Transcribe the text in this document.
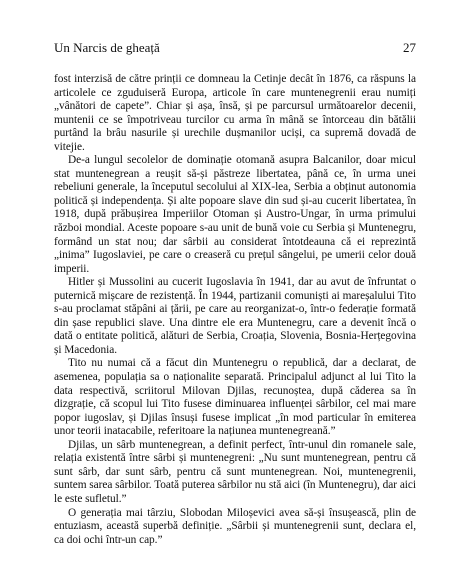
Un Narcis de gheață	27

fost interzisă de către prinții ce domneau la Cetinje decât în 1876, ca răspuns la articolele ce zguduiseră Europa, articole în care muntenegrenii erau numiți „vânători de capete”. Chiar și așa, însă, și pe parcursul următoarelor decenii, muntenii ce se împotriveau turcilor cu arma în mână se întorceau din bătălii purtând la brâu nasurile și urechile dușmanilor uciși, ca supremă dovadă de vitejie.

De-a lungul secolelor de dominație otomană asupra Balcanilor, doar micul stat muntenegrean a reușit să-și păstreze libertatea, până ce, în urma unei rebeliuni generale, la începutul secolului al XIX-lea, Serbia a obținut autonomia politică și independența. Și alte popoare slave din sud și-au cucerit libertatea, în 1918, după prăbușirea Imperiilor Otoman și Austro-Ungar, în urma primului război mondial. Aceste popoare s-au unit de bună voie cu Serbia și Muntenegru, formând un stat nou; dar sârbii au considerat întotdeauna că ei reprezintă „inima” Iugoslaviei, pe care o creaseră cu prețul sângelui, pe umerii celor două imperii.

Hitler și Mussolini au cucerit Iugoslavia în 1941, dar au avut de înfruntat o puternică mișcare de rezistență. În 1944, partizanii comuniști ai mareșalului Tito s-au proclamat stăpâni ai țării, pe care au reorganizat-o, într-o federație formată din șase republici slave. Una dintre ele era Muntenegru, care a devenit încă o dată o entitate politică, alături de Serbia, Croația, Slovenia, Bosnia-Herțegovina și Macedonia.

Tito nu numai că a făcut din Muntenegru o republică, dar a declarat, de asemenea, populația sa o naționalite separată. Principalul adjunct al lui Tito la data respectivă, scriitorul Milovan Djilas, recunoștea, după căderea sa în dizgrație, că scopul lui Tito fusese diminuarea influenței sârbilor, cel mai mare popor iugoslav, și Djilas însuși fusese implicat „în mod particular în emiterea unor teorii inatacabile, referitoare la națiunea muntenegreană.”

Djilas, un sârb muntenegrean, a definit perfect, într-unul din romanele sale, relația existentă între sârbi și muntenegreni: „Nu sunt muntenegrean, pentru că sunt sârb, dar sunt sârb, pentru că sunt muntenegrean. Noi, muntenegrenii, suntem sarea sârbilor. Toată puterea sârbilor nu stă aici (în Muntenegru), dar aici le este sufletul.”

O generația mai târziu, Slobodan Miloșevici avea să-și însușească, plin de entuziasm, această superbă definiție. „Sârbii și muntenegrenii sunt, declara el, ca doi ochi într-un cap.”
